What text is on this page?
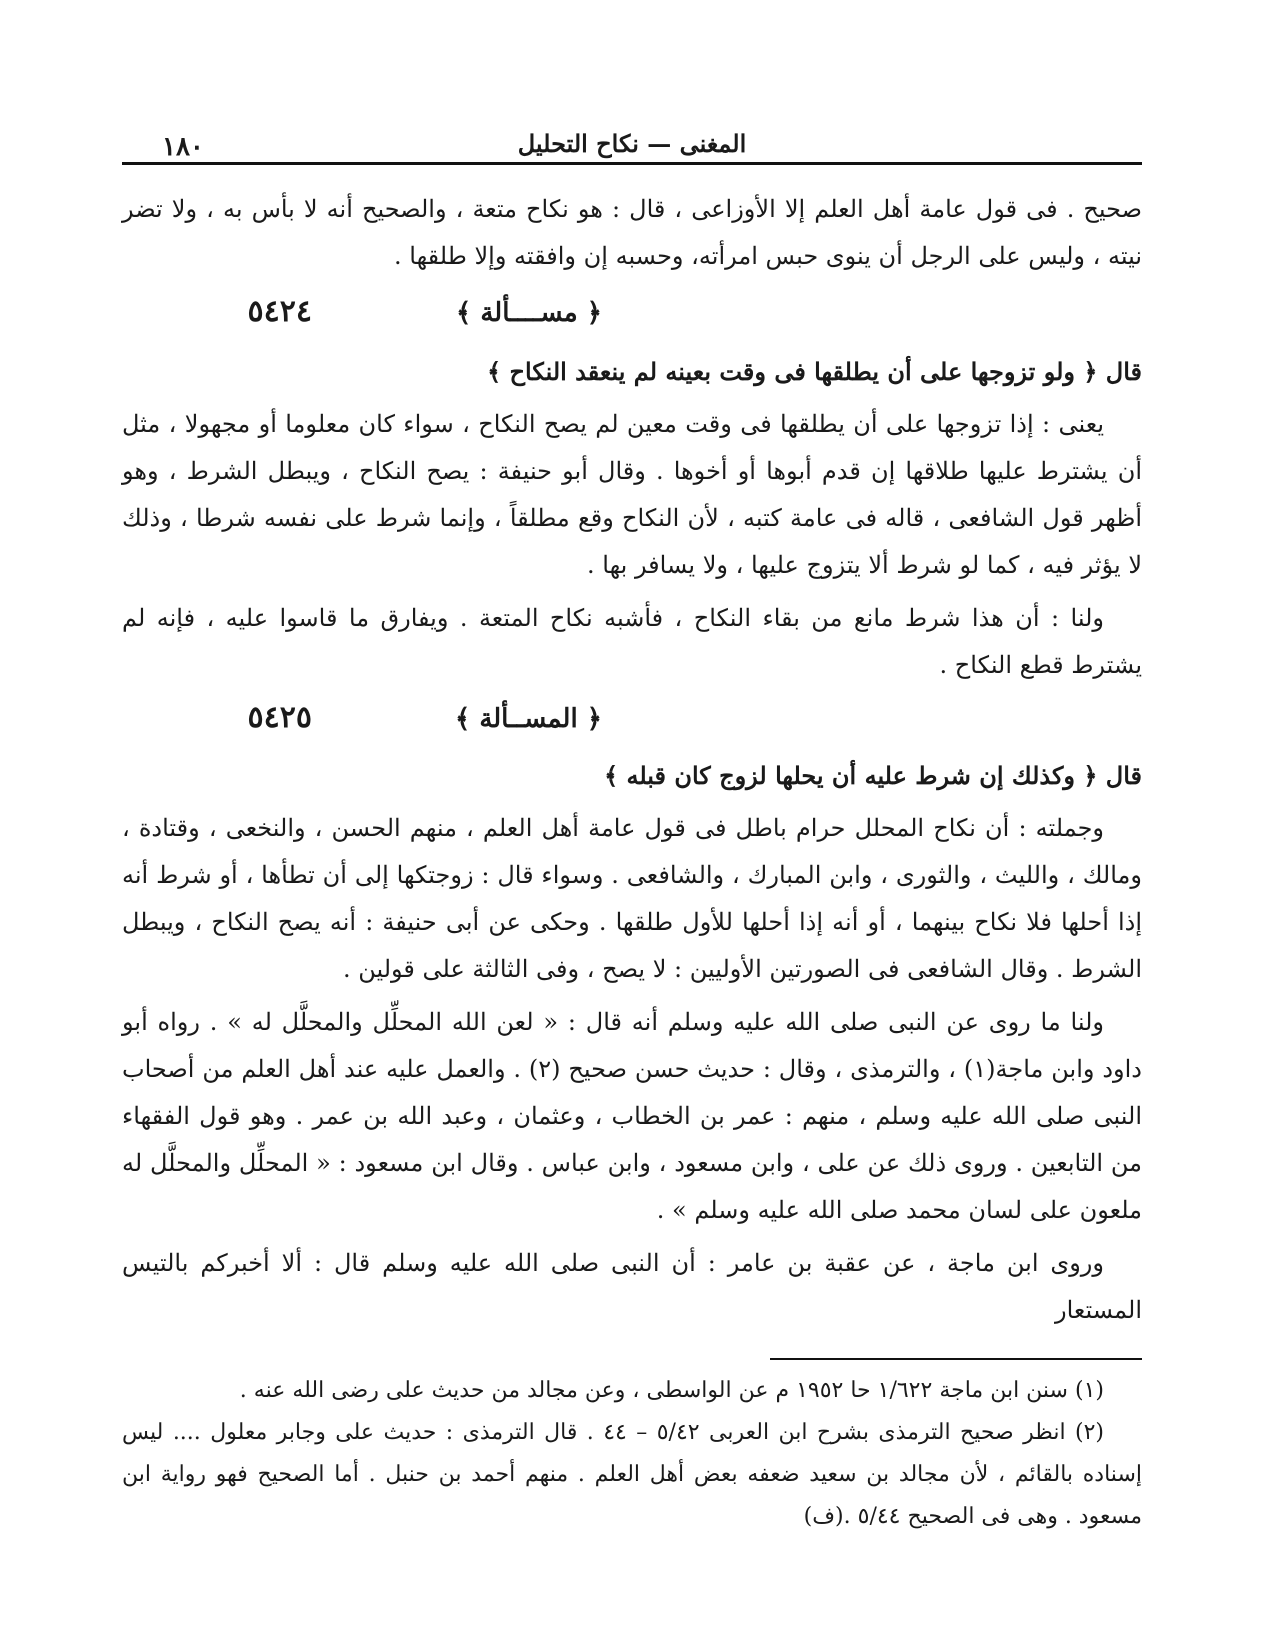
١٨٠	المغنى — نكاح التحليل

صحيح . فى قول عامة أهل العلم إلا الأوزاعى ، قال : هو نكاح متعة ، والصحيح أنه لا بأس به ، ولا تضر نيته ، وليس على الرجل أن ينوى حبس امرأته، وحسبه إن وافقته وإلا طلقها .

٥٤٢٤	﴿ مســــألة ﴾

قال ﴿ ولو تزوجها على أن يطلقها فى وقت بعينه لم ينعقد النكاح ﴾

يعنى : إذا تزوجها على أن يطلقها فى وقت معين لم يصح النكاح ، سواء كان معلوما أو مجهولا ، مثل أن يشترط عليها طلاقها إن قدم أبوها أو أخوها . وقال أبو حنيفة : يصح النكاح ، ويبطل الشرط ، وهو أظهر قول الشافعى ، قاله فى عامة كتبه ، لأن النكاح وقع مطلقاً ، وإنما شرط على نفسه شرطا ، وذلك لا يؤثر فيه ، كما لو شرط ألا يتزوج عليها ، ولا يسافر بها .

ولنا : أن هذا شرط مانع من بقاء النكاح ، فأشبه نكاح المتعة . ويفارق ما قاسوا عليه ، فإنه لم يشترط قطع النكاح .

٥٤٢٥	﴿ المســألة ﴾

قال ﴿ وكذلك إن شرط عليه أن يحلها لزوج كان قبله ﴾

وجملته : أن نكاح المحلل حرام باطل فى قول عامة أهل العلم ، منهم الحسن ، والنخعى ، وقتادة ، ومالك ، والليث ، والثورى ، وابن المبارك ، والشافعى . وسواء قال : زوجتكها إلى أن تطأها ، أو شرط أنه إذا أحلها فلا نكاح بينهما ، أو أنه إذا أحلها للأول طلقها . وحكى عن أبى حنيفة : أنه يصح النكاح ، ويبطل الشرط . وقال الشافعى فى الصورتين الأوليين : لا يصح ، وفى الثالثة على قولين .

ولنا ما روى عن النبى صلى الله عليه وسلم أنه قال : « لعن الله المحلِّل والمحلَّل له » . رواه أبو داود وابن ماجة(١) ، والترمذى ، وقال : حديث حسن صحيح (٢) . والعمل عليه عند أهل العلم من أصحاب النبى صلى الله عليه وسلم ، منهم : عمر بن الخطاب ، وعثمان ، وعبد الله بن عمر . وهو قول الفقهاء من التابعين . وروى ذلك عن على ، وابن مسعود ، وابن عباس . وقال ابن مسعود : « المحلِّل والمحلَّل له ملعون على لسان محمد صلى الله عليه وسلم » .

وروى ابن ماجة ، عن عقبة بن عامر : أن النبى صلى الله عليه وسلم قال : ألا أخبركم بالتيس المستعار

(١) سنن ابن ماجة ١/٦٢٢ حا ١٩٥٢ م عن الواسطى ، وعن مجالد من حديث على رضى الله عنه .

(٢) انظر صحيح الترمذى بشرح ابن العربى ٥/٤٢ – ٤٤ . قال الترمذى : حديث على وجابر معلول .... ليس إسناده بالقائم ، لأن مجالد بن سعيد ضعفه بعض أهل العلم . منهم أحمد بن حنبل . أما الصحيح فهو رواية ابن مسعود . وهى فى الصحيح ٥/٤٤ .(ف)
